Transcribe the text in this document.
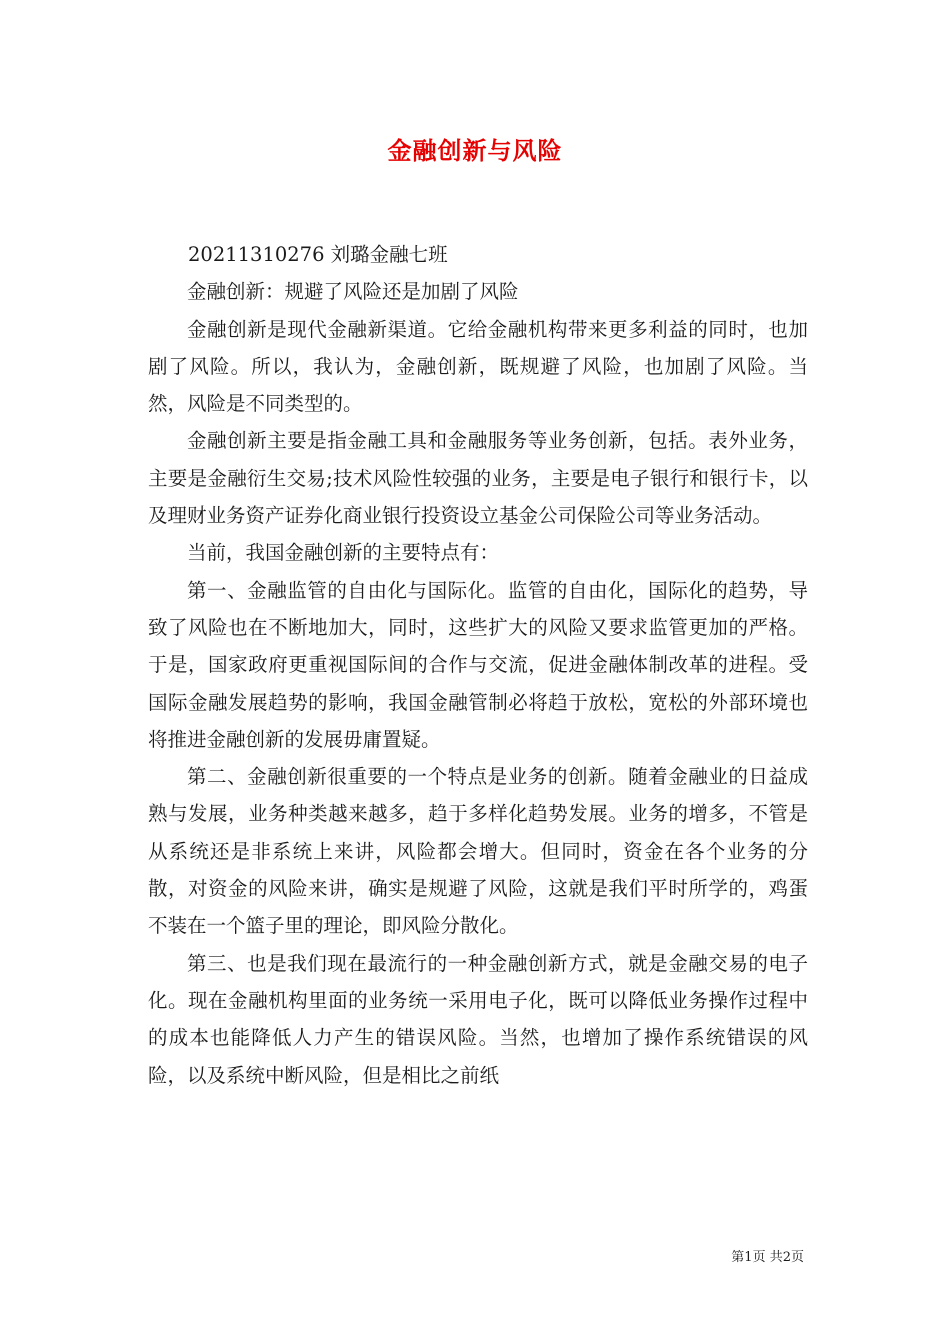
金融创新与风险

20211310276 刘璐金融七班

金融创新：规避了风险还是加剧了风险

金融创新是现代金融新渠道。它给金融机构带来更多利益的同时，也加剧了风险。所以，我认为，金融创新，既规避了风险，也加剧了风险。当然，风险是不同类型的。

金融创新主要是指金融工具和金融服务等业务创新，包括。表外业务，主要是金融衍生交易;技术风险性较强的业务，主要是电子银行和银行卡，以及理财业务资产证券化商业银行投资设立基金公司保险公司等业务活动。

当前，我国金融创新的主要特点有：

第一、金融监管的自由化与国际化。监管的自由化，国际化的趋势，导致了风险也在不断地加大，同时，这些扩大的风险又要求监管更加的严格。于是，国家政府更重视国际间的合作与交流，促进金融体制改革的进程。受国际金融发展趋势的影响，我国金融管制必将趋于放松，宽松的外部环境也将推进金融创新的发展毋庸置疑。

第二、金融创新很重要的一个特点是业务的创新。随着金融业的日益成熟与发展，业务种类越来越多，趋于多样化趋势发展。业务的增多，不管是从系统还是非系统上来讲，风险都会增大。但同时，资金在各个业务的分散，对资金的风险来讲，确实是规避了风险，这就是我们平时所学的，鸡蛋不装在一个篮子里的理论，即风险分散化。

第三、也是我们现在最流行的一种金融创新方式，就是金融交易的电子化。现在金融机构里面的业务统一采用电子化，既可以降低业务操作过程中的成本也能降低人力产生的错误风险。当然，也增加了操作系统错误的风险，以及系统中断风险，但是相比之前纸

第1页 共2页
